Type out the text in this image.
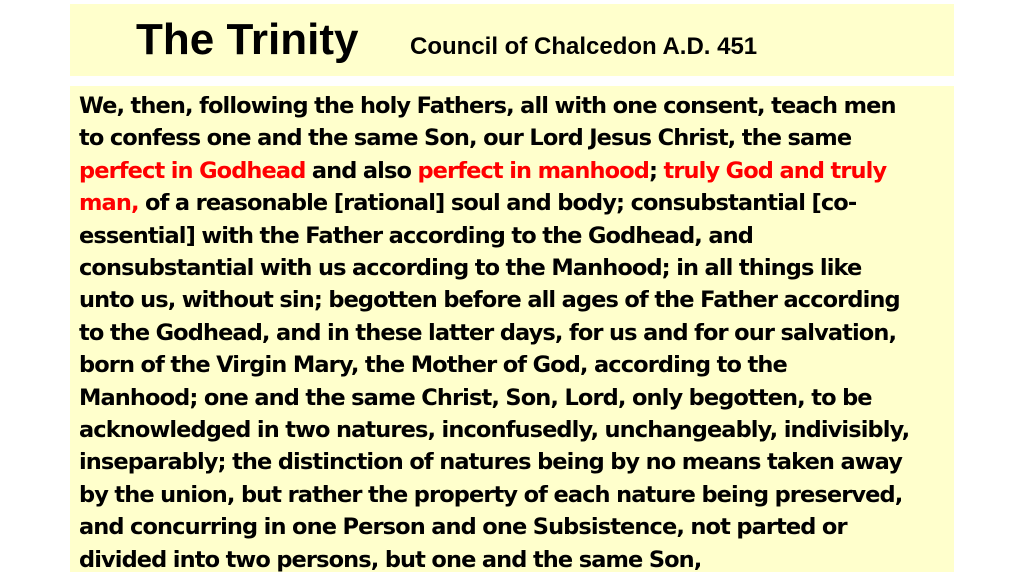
The Trinity Council of Chalcedon A.D. 451
We, then, following the holy Fathers, all with one consent, teach men
to confess one and the same Son, our Lord Jesus Christ, the same
perfect in Godhead and also perfect in manhood; truly God and truly
man, of a reasonable [rational] soul and body; consubstantial [co-
essential] with the Father according to the Godhead, and
consubstantial with us according to the Manhood; in all things like
unto us, without sin; begotten before all ages of the Father according
to the Godhead, and in these latter days, for us and for our salvation,
born of the Virgin Mary, the Mother of God, according to the
Manhood; one and the same Christ, Son, Lord, only begotten, to be
acknowledged in two natures, inconfusedly, unchangeably, indivisibly,
inseparably; the distinction of natures being by no means taken away
by the union, but rather the property of each nature being preserved,
and concurring in one Person and one Subsistence, not parted or
divided into two persons, but one and the same Son,
